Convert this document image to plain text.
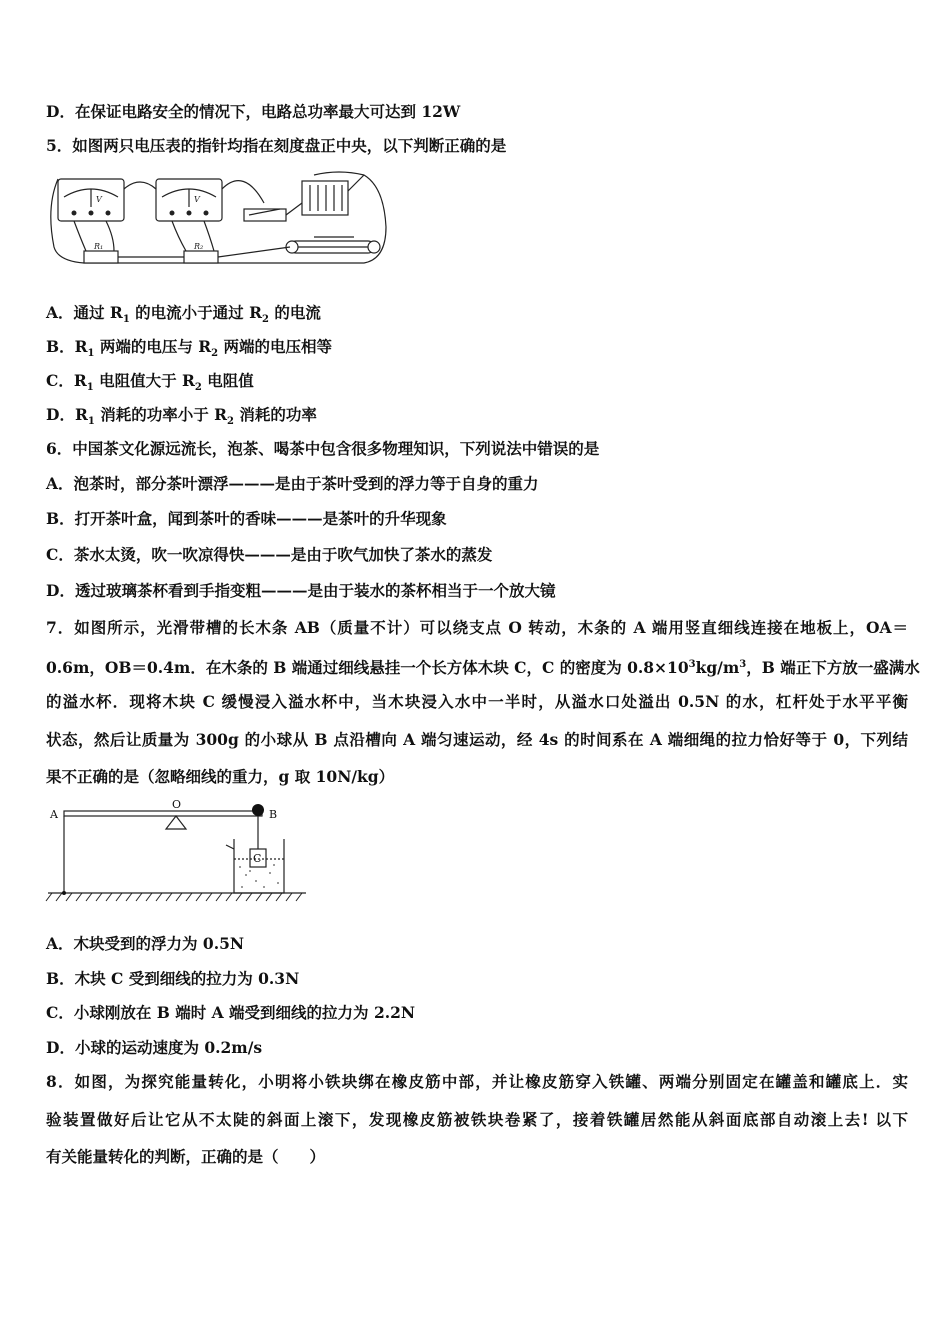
D．在保证电路安全的情况下，电路总功率最大可达到 12W
5．如图两只电压表的指针均指在刻度盘正中央，以下判断正确的是
V	V
R₁	R₂
A．通过 $R_1$ 的电流小于通过 $R_2$ 的电流
B．$R_1$ 两端的电压与 $R_2$ 两端的电压相等
C．$R_1$ 电阻值大于 $R_2$ 电阻值
D．$R_1$ 消耗的功率小于 $R_2$ 消耗的功率
6．中国茶文化源远流长，泡茶、喝茶中包含很多物理知识，下列说法中错误的是
A．泡茶时，部分茶叶漂浮———是由于茶叶受到的浮力等于自身的重力
B．打开茶叶盒，闻到茶叶的香味———是茶叶的升华现象
C．茶水太烫，吹一吹凉得快———是由于吹气加快了茶水的蒸发
D．透过玻璃茶杯看到手指变粗———是由于装水的茶杯相当于一个放大镜
7．如图所示，光滑带槽的长木条 AB（质量不计）可以绕支点 O 转动，木条的 A 端用竖直细线连接在地板上，OA＝
0.6m，OB＝0.4m．在木条的 B 端通过细线悬挂一个长方体木块 C，C 的密度为 $0.8\times 10^3kg/m^3$，B 端正下方放一盛满水
的溢水杯．现将木块 C 缓慢浸入溢水杯中，当木块浸入水中一半时，从溢水口处溢出 0.5N 的水，杠杆处于水平平衡
状态，然后让质量为 300g 的小球从 B 点沿槽向 A 端匀速运动，经 4s 的时间系在 A 端细绳的拉力恰好等于 0，下列结
果不正确的是（忽略细线的重力，g 取 10N/kg）
A
O
B
C
A．木块受到的浮力为 0.5N
B．木块 C 受到细线的拉力为 0.3N
C．小球刚放在 B 端时 A 端受到细线的拉力为 2.2N
D．小球的运动速度为 0.2m/s
8．如图，为探究能量转化，小明将小铁块绑在橡皮筋中部，并让橡皮筋穿入铁罐、两端分别固定在罐盖和罐底上．实
验装置做好后让它从不太陡的斜面上滚下，发现橡皮筋被铁块卷紧了，接着铁罐居然能从斜面底部自动滚上去! 以下
有关能量转化的判断，正确的是（　　）
